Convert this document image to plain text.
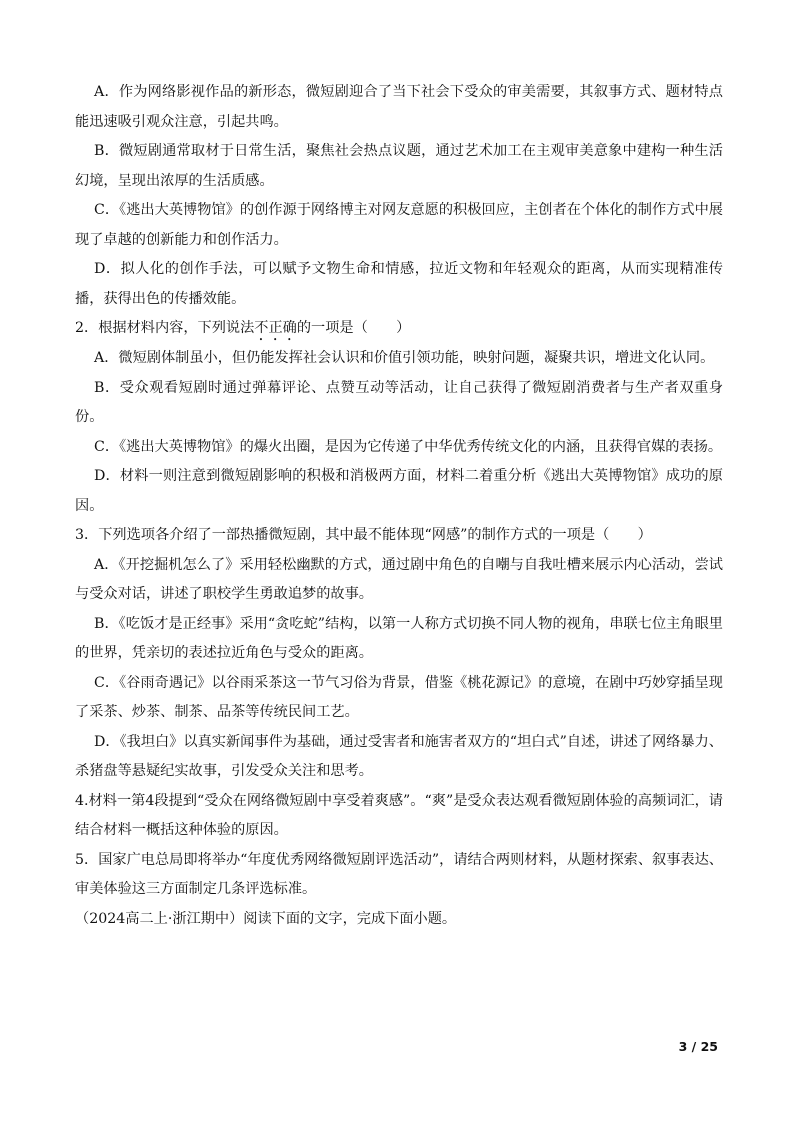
A．作为网络影视作品的新形态，微短剧迎合了当下社会下受众的审美需要，其叙事方式、题材特点能迅速吸引观众注意，引起共鸣。

B．微短剧通常取材于日常生活，聚焦社会热点议题，通过艺术加工在主观审美意象中建构一种生活幻境，呈现出浓厚的生活质感。

C．《逃出大英博物馆》的创作源于网络博主对网友意愿的积极回应，主创者在个体化的制作方式中展现了卓越的创新能力和创作活力。

D．拟人化的创作手法，可以赋予文物生命和情感，拉近文物和年轻观众的距离，从而实现精准传播，获得出色的传播效能。

2．根据材料内容，下列说法不正确的一项是（　　）

A．微短剧体制虽小，但仍能发挥社会认识和价值引领功能，映射问题，凝聚共识，增进文化认同。

B．受众观看短剧时通过弹幕评论、点赞互动等活动，让自己获得了微短剧消费者与生产者双重身份。

C．《逃出大英博物馆》的爆火出圈，是因为它传递了中华优秀传统文化的内涵，且获得官媒的表扬。

D．材料一则注意到微短剧影响的积极和消极两方面，材料二着重分析《逃出大英博物馆》成功的原因。

3．下列选项各介绍了一部热播微短剧，其中最不能体现“网感”的制作方式的一项是（　　）

A．《开挖掘机怎么了》采用轻松幽默的方式，通过剧中角色的自嘲与自我吐槽来展示内心活动，尝试与受众对话，讲述了职校学生勇敢追梦的故事。

B．《吃饭才是正经事》采用“贪吃蛇”结构，以第一人称方式切换不同人物的视角，串联七位主角眼里的世界，凭亲切的表述拉近角色与受众的距离。

C．《谷雨奇遇记》以谷雨采茶这一节气习俗为背景，借鉴《桃花源记》的意境，在剧中巧妙穿插呈现了采茶、炒茶、制茶、品茶等传统民间工艺。

D．《我坦白》以真实新闻事件为基础，通过受害者和施害者双方的“坦白式”自述，讲述了网络暴力、杀猪盘等悬疑纪实故事，引发受众关注和思考。

4.材料一第4段提到“受众在网络微短剧中享受着爽感”。“爽”是受众表达观看微短剧体验的高频词汇，请结合材料一概括这种体验的原因。

5．国家广电总局即将举办“年度优秀网络微短剧评选活动”，请结合两则材料，从题材探索、叙事表达、审美体验这三方面制定几条评选标准。

（2024高二上·浙江期中）阅读下面的文字，完成下面小题。

3 / 25
